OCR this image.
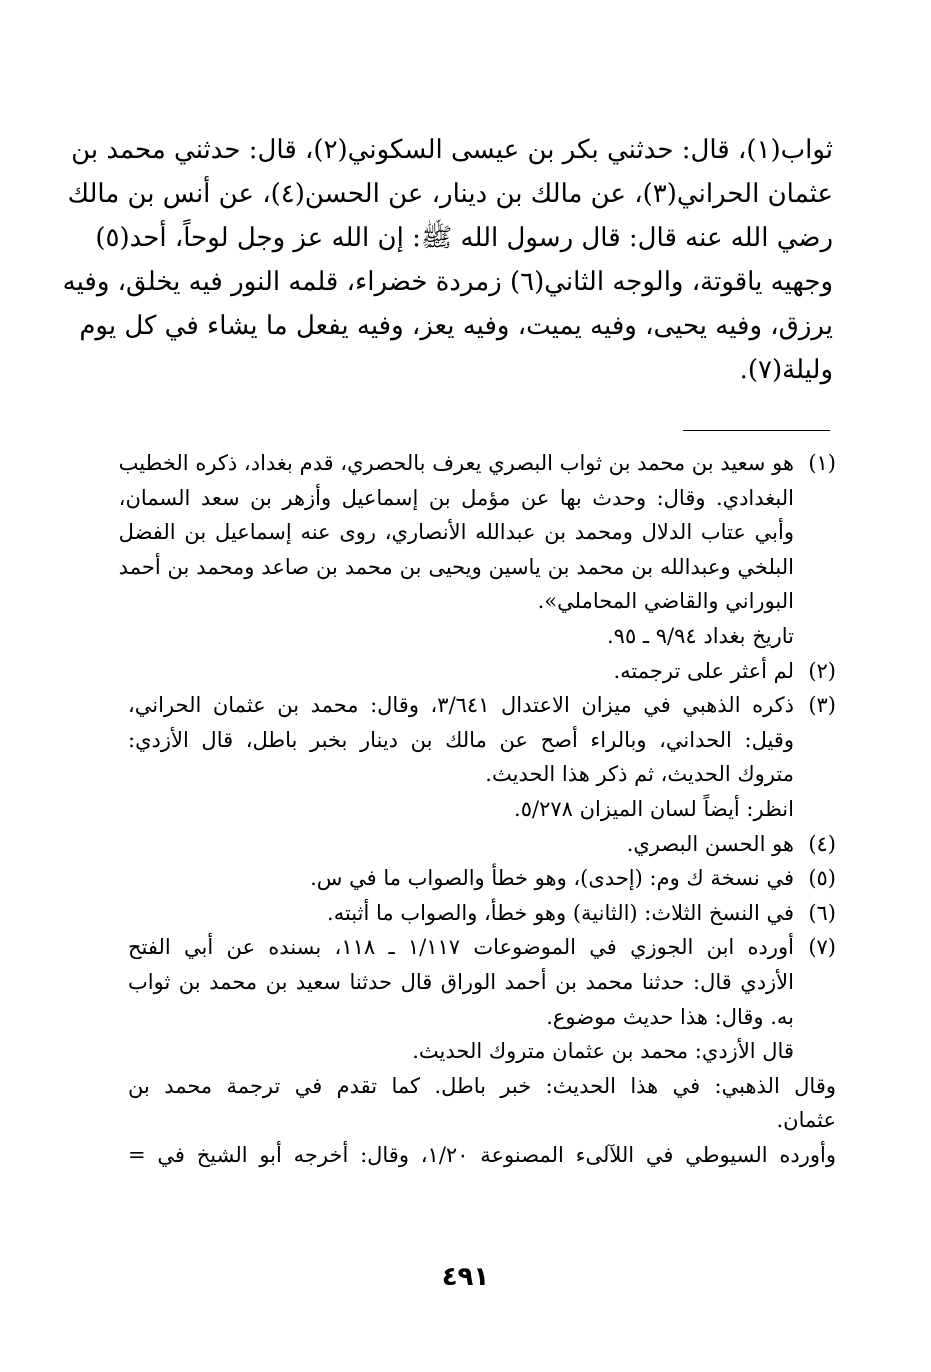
ثواب(١)، قال: حدثني بكر بن عيسى السكوني(٢)، قال: حدثني محمد بن
عثمان الحراني(٣)، عن مالك بن دينار، عن الحسن(٤)، عن أنس بن مالك
رضي الله عنه قال: قال رسول الله ﷺ: إن الله عز وجل لوحاً، أحد(٥)
وجهيه ياقوتة، والوجه الثاني(٦) زمردة خضراء، قلمه النور فيه يخلق، وفيه
يرزق، وفيه يحيى، وفيه يميت، وفيه يعز، وفيه يفعل ما يشاء في كل يوم
وليلة(٧).
(١)
هو سعيد بن محمد بن ثواب البصري يعرف بالحصري، قدم بغداد، ذكره الخطيب
البغدادي. وقال: وحدث بها عن مؤمل بن إسماعيل وأزهر بن سعد السمان،
وأبي عتاب الدلال ومحمد بن عبدالله الأنصاري، روى عنه إسماعيل بن الفضل
البلخي وعبدالله بن محمد بن ياسين ويحيى بن محمد بن صاعد ومحمد بن أحمد
البوراني والقاضي المحاملي».
تاريخ بغداد ٩/٩٤ ـ ٩٥.
(٢)
لم أعثر على ترجمته.
(٣)
ذكره الذهبي في ميزان الاعتدال ٣/٦٤١، وقال: محمد بن عثمان الحراني،
وقيل: الحداني، وبالراء أصح عن مالك بن دينار بخبر باطل، قال الأزدي:
متروك الحديث، ثم ذكر هذا الحديث.
انظر: أيضاً لسان الميزان ٥/٢٧٨.
(٤)
هو الحسن البصري.
(٥)
في نسخة ك وم: (إحدى)، وهو خطأ والصواب ما في س.
(٦)
في النسخ الثلاث: (الثانية) وهو خطأ، والصواب ما أثبته.
(٧)
أورده ابن الجوزي في الموضوعات ١/١١٧ ـ ١١٨، بسنده عن أبي الفتح
الأزدي قال: حدثنا محمد بن أحمد الوراق قال حدثنا سعيد بن محمد بن ثواب
به. وقال: هذا حديث موضوع.
قال الأزدي: محمد بن عثمان متروك الحديث.
وقال الذهبي: في هذا الحديث: خبر باطل. كما تقدم في ترجمة محمد بن
عثمان.
وأورده السيوطي في اللآلىء المصنوعة ١/٢٠، وقال: أخرجه أبو الشيخ في =
٤٩١
